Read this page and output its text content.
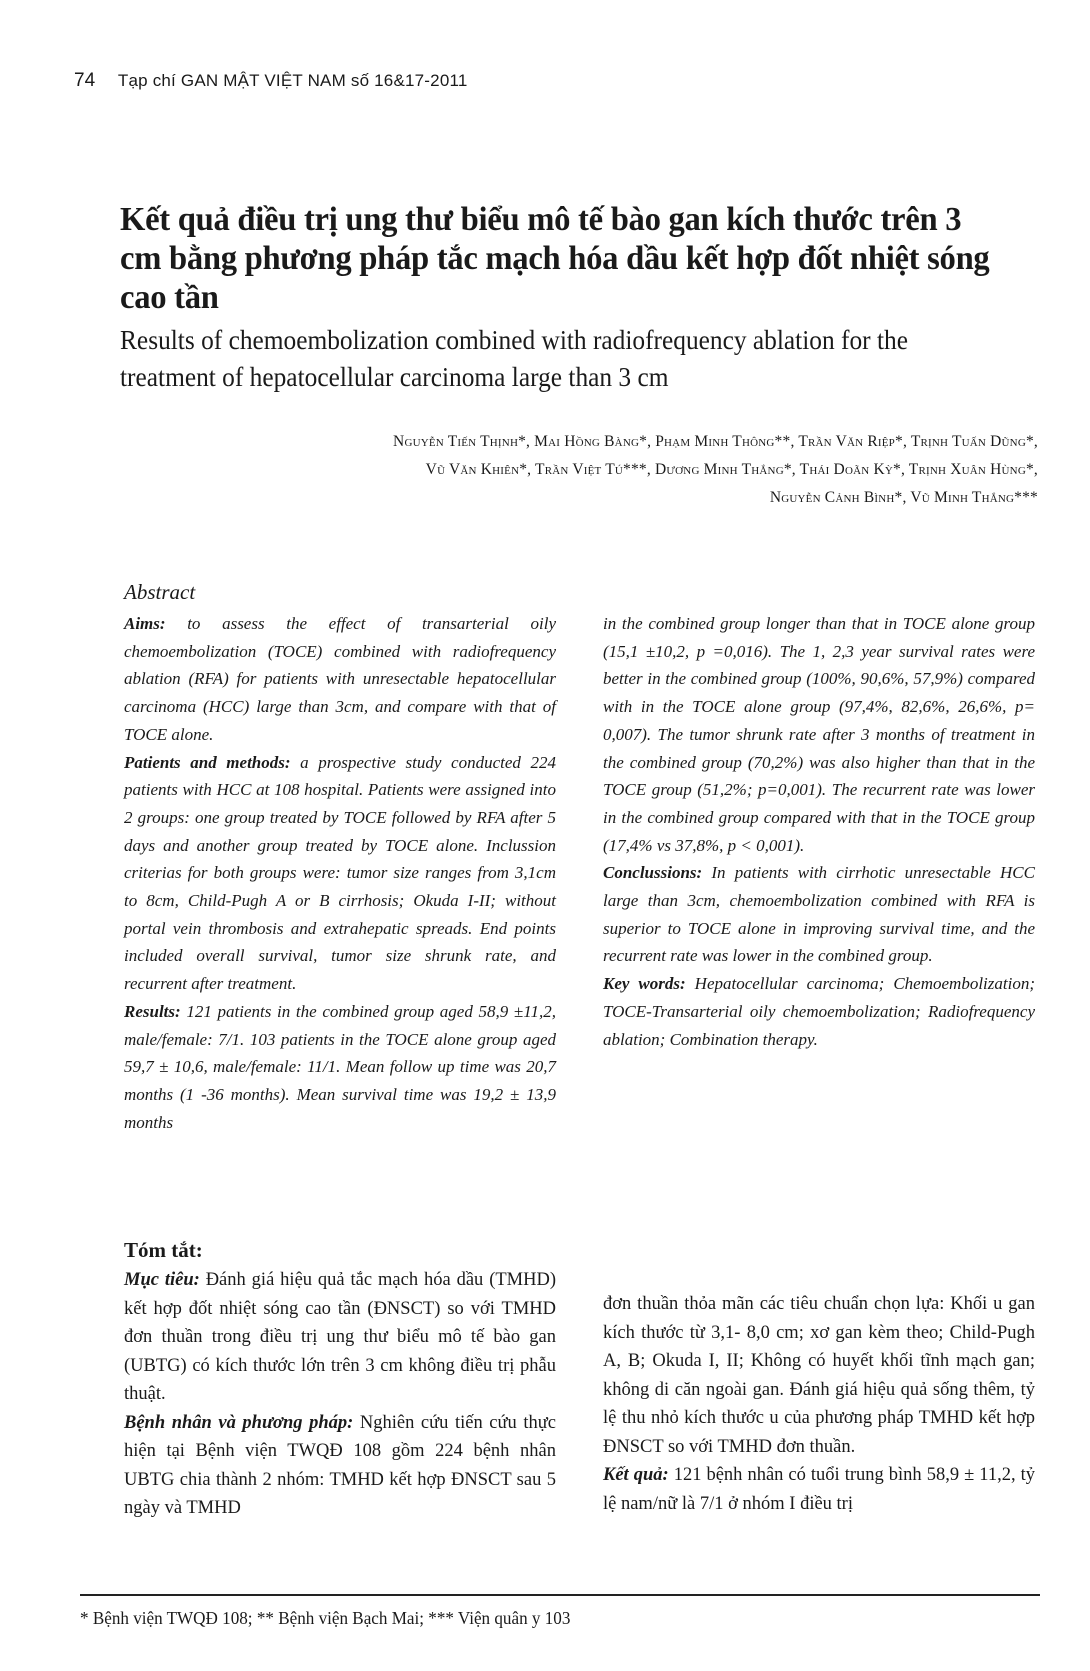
74 Tạp chí GAN MẬT VIỆT NAM số 16&17-2011
Kết quả điều trị ung thư biểu mô tế bào gan kích thước trên 3 cm bằng phương pháp tắc mạch hóa dầu kết hợp đốt nhiệt sóng cao tần
Results of chemoembolization combined with radiofrequency ablation for the treatment of hepatocellular carcinoma large than 3 cm
Nguyễn Tiến Thịnh*, Mai Hồng Bàng*, Phạm Minh Thông**, Trần Văn Riệp*, Trịnh Tuấn Dũng*,
Vũ Văn Khiên*, Trần Việt Tú***, Dương Minh Thắng*, Thái Doãn Kỳ*, Trịnh Xuân Hùng*,
Nguyễn Cảnh Bình*, Vũ Minh Thắng***
Abstract

Aims: to assess the effect of transarterial oily chemoembolization (TOCE) combined with radiofrequency ablation (RFA) for patients with unresectable hepatocellular carcinoma (HCC) large than 3cm, and compare with that of TOCE alone.

Patients and methods: a prospective study conducted 224 patients with HCC at 108 hospital. Patients were assigned into 2 groups: one group treated by TOCE followed by RFA after 5 days and another group treated by TOCE alone. Inclussion criterias for both groups were: tumor size ranges from 3,1cm to 8cm, Child-Pugh A or B cirrhosis; Okuda I-II; without portal vein thrombosis and extrahepatic spreads. End points included overall survival, tumor size shrunk rate, and recurrent after treatment.

Results: 121 patients in the combined group aged 58,9 ±11,2, male/female: 7/1. 103 patients in the TOCE alone group aged 59,7 ± 10,6, male/female: 11/1. Mean follow up time was 20,7 months (1 -36 months). Mean survival time was 19,2 ± 13,9 months

in the combined group longer than that in TOCE alone group (15,1 ±10,2, p =0,016). The 1, 2,3 year survival rates were better in the combined group (100%, 90,6%, 57,9%) compared with in the TOCE alone group (97,4%, 82,6%, 26,6%, p= 0,007). The tumor shrunk rate after 3 months of treatment in the combined group (70,2%) was also higher than that in the TOCE group (51,2%; p=0,001). The recurrent rate was lower in the combined group compared with that in the TOCE group (17,4% vs 37,8%, p < 0,001).

Conclussions: In patients with cirrhotic unresectable HCC large than 3cm, chemoembolization combined with RFA is superior to TOCE alone in improving survival time, and the recurrent rate was lower in the combined group.

Key words: Hepatocellular carcinoma; Chemoembolization; TOCE-Transarterial oily chemoembolization; Radiofrequency ablation; Combination therapy.

Tóm tắt:

Mục tiêu: Đánh giá hiệu quả tắc mạch hóa dầu (TMHD) kết hợp đốt nhiệt sóng cao tần (ĐNSCT) so với TMHD đơn thuần trong điều trị ung thư biểu mô tế bào gan (UBTG) có kích thước lớn trên 3 cm không điều trị phẫu thuật.

Bệnh nhân và phương pháp: Nghiên cứu tiến cứu thực hiện tại Bệnh viện TWQĐ 108 gồm 224 bệnh nhân UBTG chia thành 2 nhóm: TMHD kết hợp ĐNSCT sau 5 ngày và TMHD

đơn thuần thỏa mãn các tiêu chuẩn chọn lựa: Khối u gan kích thước từ 3,1- 8,0 cm; xơ gan kèm theo; Child-Pugh A, B; Okuda I, II; Không có huyết khối tĩnh mạch gan; không di căn ngoài gan. Đánh giá hiệu quả sống thêm, tỷ lệ thu nhỏ kích thước u của phương pháp TMHD kết hợp ĐNSCT so với TMHD đơn thuần.

Kết quả: 121 bệnh nhân có tuổi trung bình 58,9 ± 11,2, tỷ lệ nam/nữ là 7/1 ở nhóm I điều trị

* Bệnh viện TWQĐ 108; ** Bệnh viện Bạch Mai; *** Viện quân y 103
